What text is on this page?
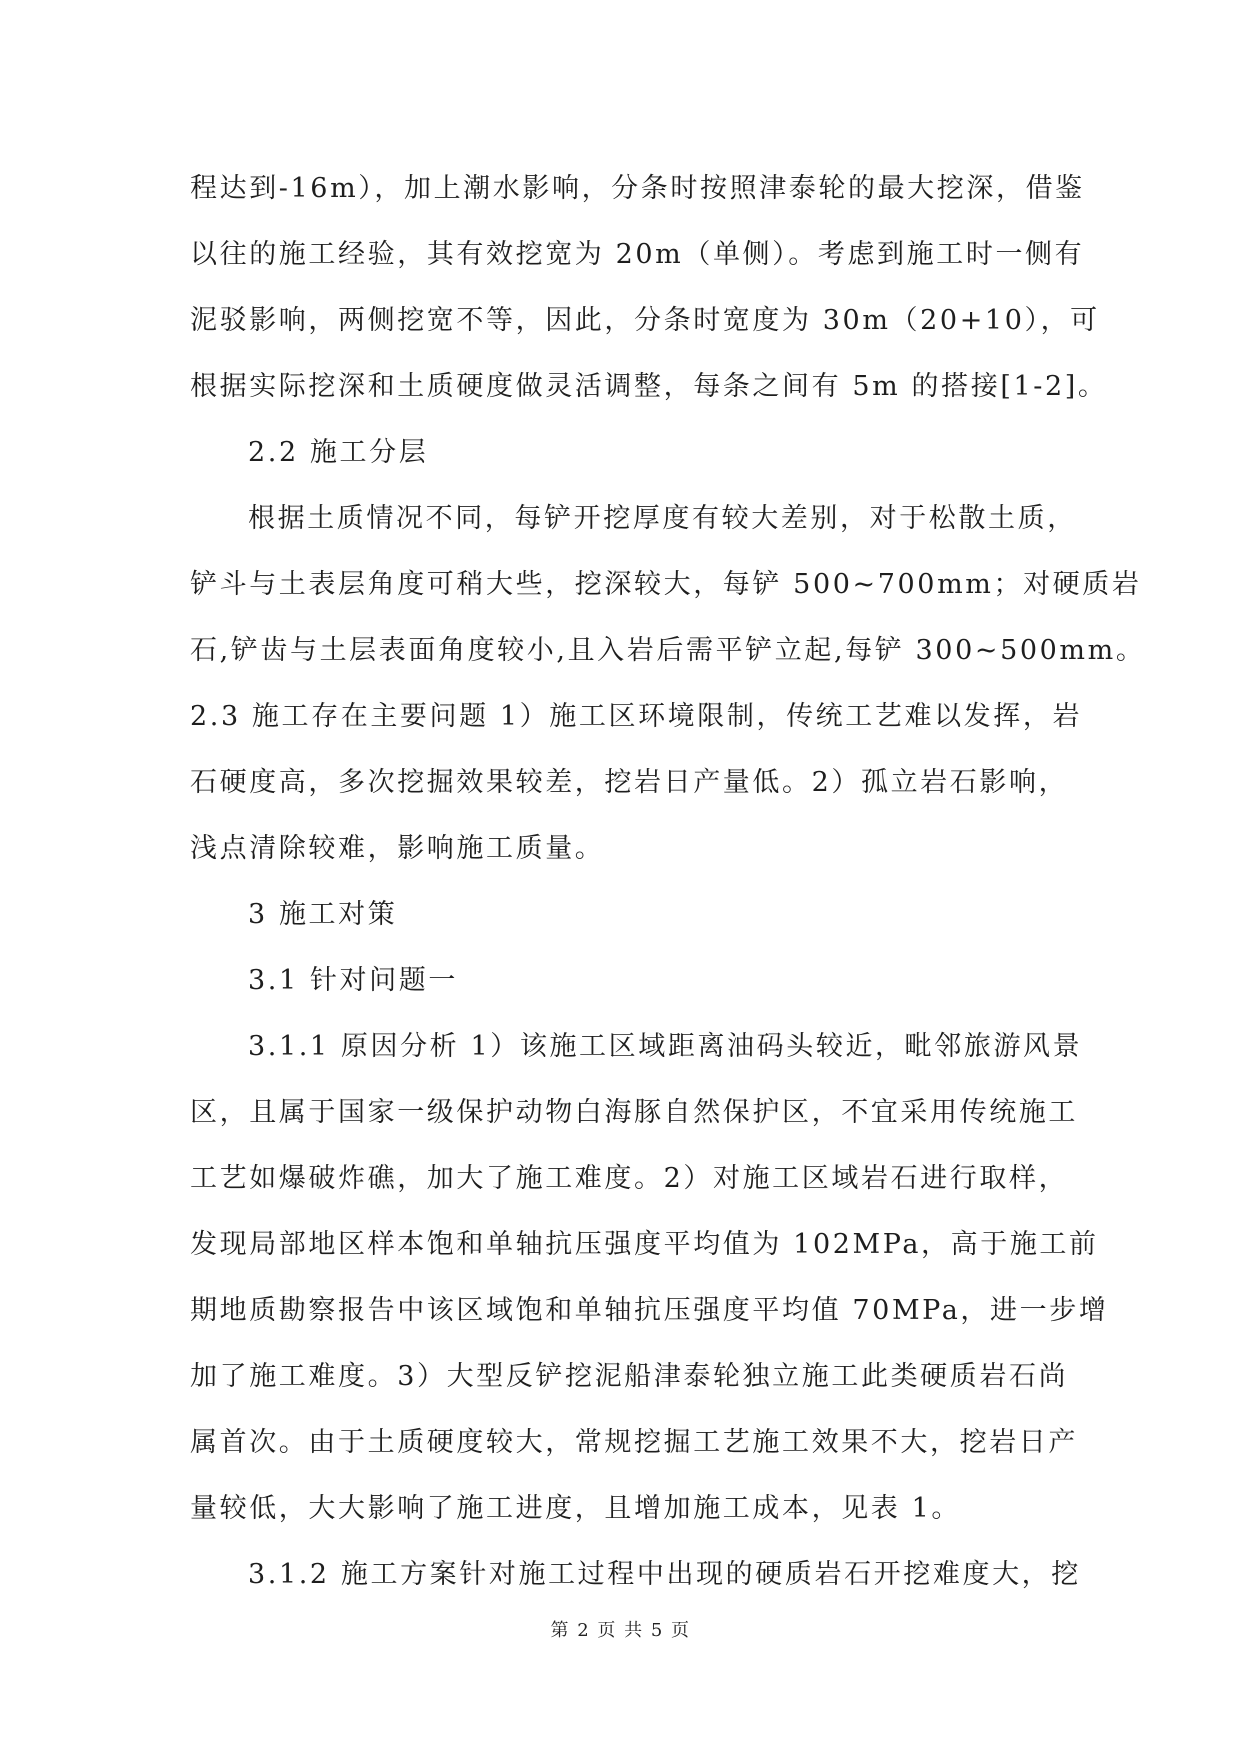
程达到-16m），加上潮水影响，分条时按照津泰轮的最大挖深，借鉴
以往的施工经验，其有效挖宽为 20m（单侧）。考虑到施工时一侧有
泥驳影响，两侧挖宽不等，因此，分条时宽度为 30m（20+10），可
根据实际挖深和土质硬度做灵活调整，每条之间有 5m 的搭接[1-2]。
2.2 施工分层
根据土质情况不同，每铲开挖厚度有较大差别，对于松散土质，
铲斗与土表层角度可稍大些，挖深较大，每铲 500~700mm；对硬质岩
石,铲齿与土层表面角度较小,且入岩后需平铲立起,每铲 300~500mm。
2.3 施工存在主要问题 1）施工区环境限制，传统工艺难以发挥，岩
石硬度高，多次挖掘效果较差，挖岩日产量低。2）孤立岩石影响，
浅点清除较难，影响施工质量。
3 施工对策
3.1 针对问题一
3.1.1 原因分析 1）该施工区域距离油码头较近，毗邻旅游风景
区，且属于国家一级保护动物白海豚自然保护区，不宜采用传统施工
工艺如爆破炸礁，加大了施工难度。2）对施工区域岩石进行取样，
发现局部地区样本饱和单轴抗压强度平均值为 102MPa，高于施工前
期地质勘察报告中该区域饱和单轴抗压强度平均值 70MPa，进一步增
加了施工难度。3）大型反铲挖泥船津泰轮独立施工此类硬质岩石尚
属首次。由于土质硬度较大，常规挖掘工艺施工效果不大，挖岩日产
量较低，大大影响了施工进度，且增加施工成本，见表 1。
3.1.2 施工方案针对施工过程中出现的硬质岩石开挖难度大，挖
第 2 页 共 5 页
